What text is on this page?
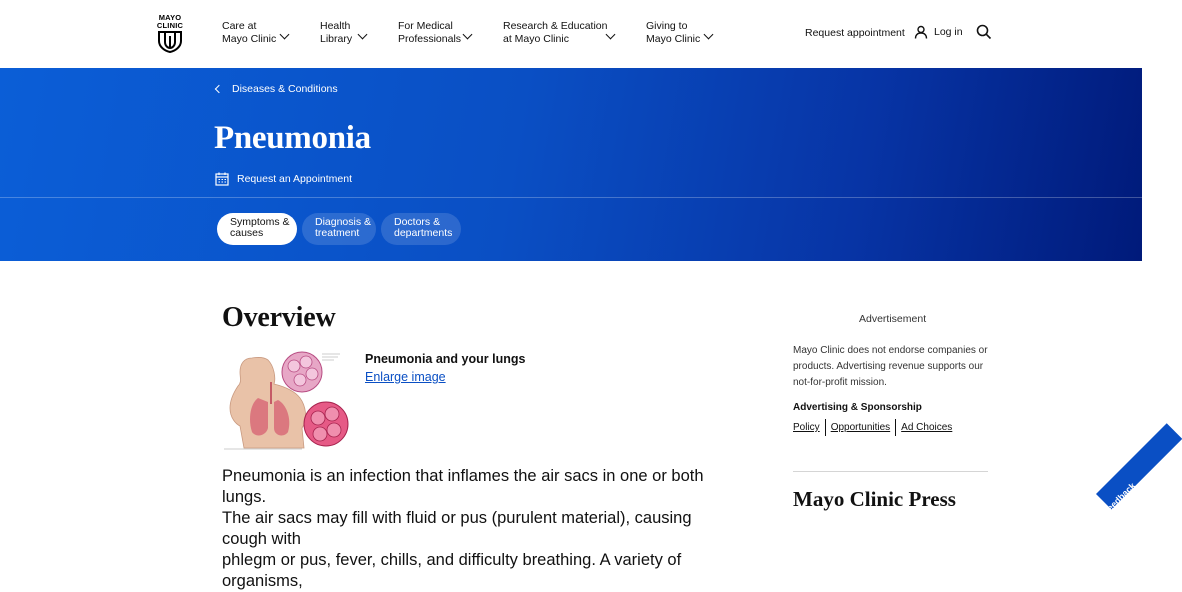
MAYO
CLINIC	Care at
Mayo Clinic
Health
Library
For Medical
Professionals
Research & Education
at Mayo Clinic
Giving to
Mayo Clinic	Request appointment	Log in
Diseases & Conditions
Pneumonia
Request an Appointment
Symptoms &
causes
Diagnosis &
treatment
Doctors &
departments
Overview
Pneumonia and your lungs
Enlarge image
Pneumonia is an infection that inflames the air sacs in one or both lungs.
The air sacs may fill with fluid or pus (purulent material), causing cough with
phlegm or pus, fever, chills, and difficulty breathing. A variety of organisms,
Advertisement
Mayo Clinic does not endorse companies or products. Advertising revenue supports our not-for-profit mission.
Advertising & Sponsorship
Policy Opportunities Ad Choices
Mayo Clinic Press	Feedback
